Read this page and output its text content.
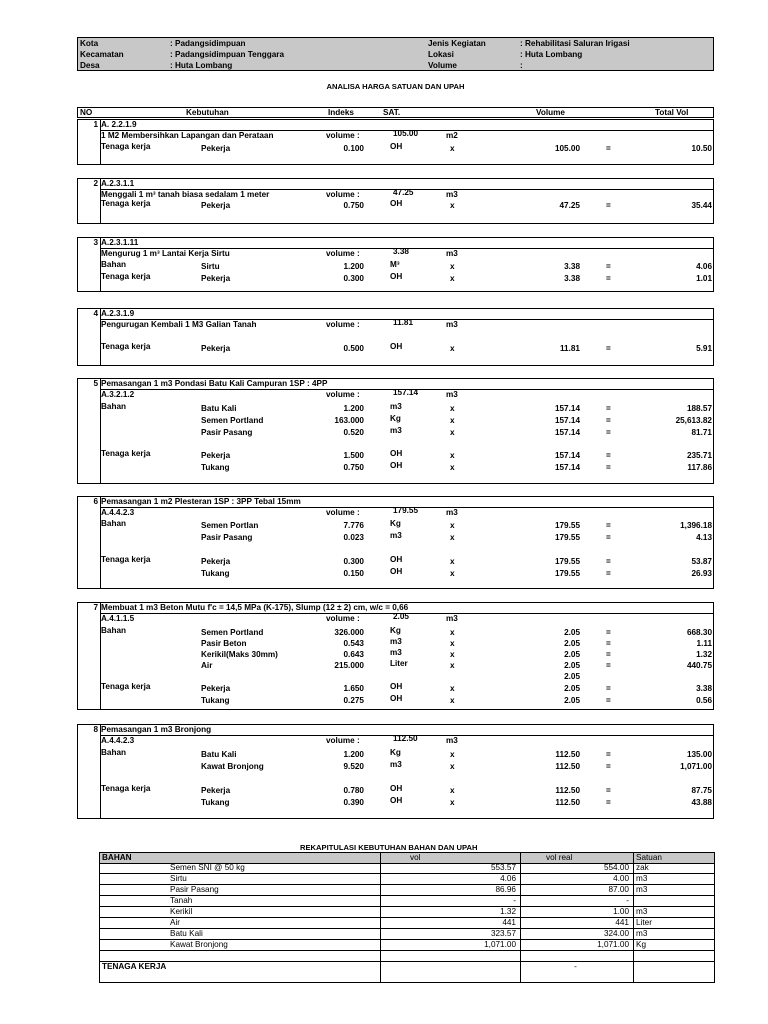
Kota	: Padangsidimpuan	Jenis Kegiatan	: Rehabilitasi Saluran Irigasi
Kecamatan	: Padangsidimpuan Tenggara	Lokasi	: Huta Lombang
Desa	: Huta Lombang	Volume	:
ANALISA HARGA SATUAN DAN UPAH
NO	Kebutuhan	Indeks	SAT.	Volume	Total Vol
1 A. 2.2.1.9
1 M2 Membersihkan Lapangan dan Perataan	volume :	105.00	m2
Tenaga kerja	Pekerja	0.100	OH	x	105.00	=	10.50
2 A.2.3.1.1
Menggali 1 m³ tanah biasa sedalam 1 meter	volume :	47.25	m3
Tenaga kerja	Pekerja	0.750	OH	x	47.25	=	35.44
3 A.2.3.1.11
Mengurug 1 m³ Lantai Kerja Sirtu	volume :	3.38	m3
Bahan	Sirtu	1.200	M³	x	3.38	=	4.06
Tenaga kerja	Pekerja	0.300	OH	x	3.38	=	1.01
4 A.2.3.1.9
Pengurugan Kembali 1 M3 Galian Tanah	volume :	11.81	m3
Tenaga kerja	Pekerja	0.500	OH	x	11.81	=	5.91
5 Pemasangan 1 m3 Pondasi Batu Kali Campuran 1SP : 4PP
A.3.2.1.2	volume :	157.14	m3
Bahan	Batu Kali	1.200	m3	x	157.14	=	188.57
Semen Portland	163.000	Kg	x	157.14	=	25,613.82
Pasir Pasang	0.520	m3	x	157.14	=	81.71
Tenaga kerja	Pekerja	1.500	OH	x	157.14	=	235.71
Tukang	0.750	OH	x	157.14	=	117.86
6 Pemasangan 1 m2 Plesteran 1SP : 3PP Tebal 15mm
A.4.4.2.3	volume :	179.55	m3
Bahan	Semen Portlan	7.776	Kg	x	179.55	=	1,396.18
Pasir Pasang	0.023	m3	x	179.55	=	4.13
Tenaga kerja	Pekerja	0.300	OH	x	179.55	=	53.87
Tukang	0.150	OH	x	179.55	=	26.93
7 Membuat 1 m3 Beton Mutu f'c = 14,5 MPa (K-175), Slump (12 ± 2) cm, w/c = 0,66
A.4.1.1.5	volume :	2.05	m3
Bahan	Semen Portland	326.000	Kg	x	2.05	=	668.30
Pasir Beton	0.543	m3	x	2.05	=	1.11
Kerikil(Maks 30mm)	0.643	m3	x	2.05	=	1.32
Air	215.000	Liter	x	2.05	=	440.75
2.05
Tenaga kerja	Pekerja	1.650	OH	x	2.05	=	3.38
Tukang	0.275	OH	x	2.05	=	0.56
8 Pemasangan 1 m3 Bronjong
A.4.4.2.3	volume :	112.50	m3
Bahan	Batu Kali	1.200	Kg	x	112.50	=	135.00
Kawat Bronjong	9.520	m3	x	112.50	=	1,071.00
Tenaga kerja	Pekerja	0.780	OH	x	112.50	=	87.75
Tukang	0.390	OH	x	112.50	=	43.88
REKAPITULASI KEBUTUHAN BAHAN DAN UPAH
BAHAN	vol	vol real	Satuan
Semen SNI @ 50 kg	553.57	554.00 zak
Sirtu	4.06	4.00 m3
Pasir Pasang	86.96	87.00 m3
Tanah	-	-
Kerikil	1.32	1.00 m3
Air	441	441 Liter
Batu Kali	323.57	324.00 m3
Kawat Bronjong	1,071.00	1,071.00 Kg
TENAGA KERJA	-
